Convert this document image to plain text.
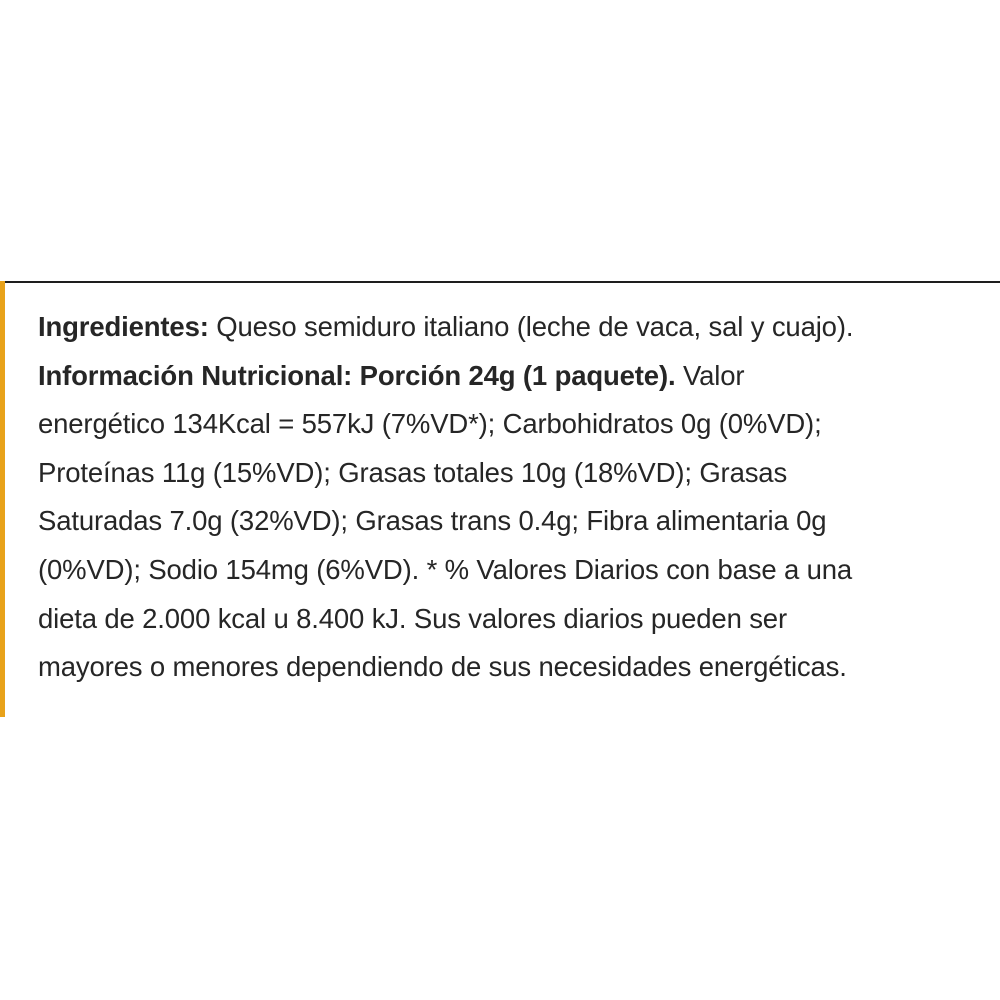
Ingredientes: Queso semiduro italiano (leche de vaca, sal y cuajo).
Información Nutricional: Porción 24g (1 paquete). Valor
energético 134Kcal = 557kJ (7%VD*); Carbohidratos 0g (0%VD);
Proteínas 11g (15%VD); Grasas totales 10g (18%VD); Grasas
Saturadas 7.0g (32%VD); Grasas trans 0.4g; Fibra alimentaria 0g
(0%VD); Sodio 154mg (6%VD). * % Valores Diarios con base a una
dieta de 2.000 kcal u 8.400 kJ. Sus valores diarios pueden ser
mayores o menores dependiendo de sus necesidades energéticas.
